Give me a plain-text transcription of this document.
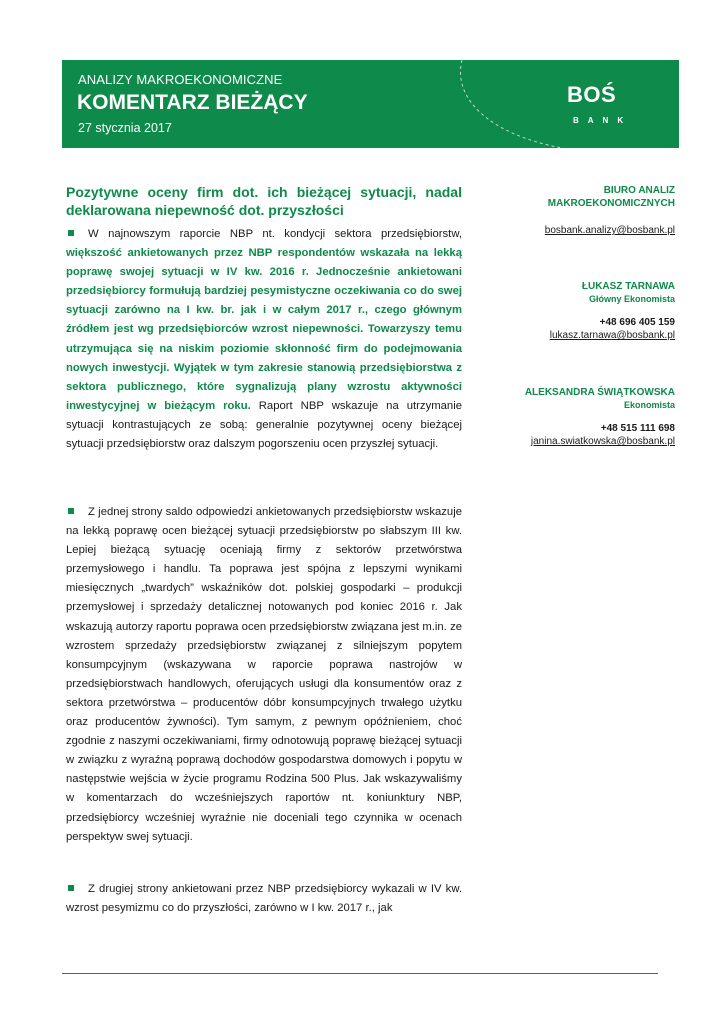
ANALIZY MAKROEKONOMICZNE
KOMENTARZ BIEŻĄCY
27 stycznia 2017
BOŚ
BANK
Pozytywne oceny firm dot. ich bieżącej sytuacji, nadal deklarowana niepewność dot. przyszłości
W najnowszym raporcie NBP nt. kondycji sektora przedsiębiorstw, większość ankietowanych przez NBP respondentów wskazała na lekką poprawę swojej sytuacji w IV kw. 2016 r. Jednocześnie ankietowani przedsiębiorcy formułują bardziej pesymistyczne oczekiwania co do swej sytuacji zarówno na I kw. br. jak i w całym 2017 r., czego głównym źródłem jest wg przedsiębiorców wzrost niepewności. Towarzyszy temu utrzymująca się na niskim poziomie skłonność firm do podejmowania nowych inwestycji. Wyjątek w tym zakresie stanowią przedsiębiorstwa z sektora publicznego, które sygnalizują plany wzrostu aktywności inwestycyjnej w bieżącym roku. Raport NBP wskazuje na utrzymanie sytuacji kontrastujących ze sobą: generalnie pozytywnej oceny bieżącej sytuacji przedsiębiorstw oraz dalszym pogorszeniu ocen przyszłej sytuacji.
Z jednej strony saldo odpowiedzi ankietowanych przedsiębiorstw wskazuje na lekką poprawę ocen bieżącej sytuacji przedsiębiorstw po słabszym III kw. Lepiej bieżącą sytuację oceniają firmy z sektorów przetwórstwa przemysłowego i handlu. Ta poprawa jest spójna z lepszymi wynikami miesięcznych „twardych” wskaźników dot. polskiej gospodarki – produkcji przemysłowej i sprzedaży detalicznej notowanych pod koniec 2016 r. Jak wskazują autorzy raportu poprawa ocen przedsiębiorstw związana jest m.in. ze wzrostem sprzedaży przedsiębiorstw związanej z silniejszym popytem konsumpcyjnym (wskazywana w raporcie poprawa nastrojów w przedsiębiorstwach handlowych, oferujących usługi dla konsumentów oraz z sektora przetwórstwa – producentów dóbr konsumpcyjnych trwałego użytku oraz producentów żywności). Tym samym, z pewnym opóźnieniem, choć zgodnie z naszymi oczekiwaniami, firmy odnotowują poprawę bieżącej sytuacji w związku z wyraźną poprawą dochodów gospodarstwa domowych i popytu w następstwie wejścia w życie programu Rodzina 500 Plus. Jak wskazywaliśmy w komentarzach do wcześniejszych raportów nt. koniunktury NBP, przedsiębiorcy wcześniej wyraźnie nie doceniali tego czynnika w ocenach perspektyw swej sytuacji.
Z drugiej strony ankietowani przez NBP przedsiębiorcy wykazali w IV kw. wzrost pesymizmu co do przyszłości, zarówno w I kw. 2017 r., jak
BIURO ANALIZ
MAKROEKONOMICZNYCH
bosbank.analizy@bosbank.pl
ŁUKASZ TARNAWA
Główny Ekonomista
+48 696 405 159
lukasz.tarnawa@bosbank.pl
ALEKSANDRA ŚWIĄTKOWSKA
Ekonomista
+48 515 111 698
janina.swiatkowska@bosbank.pl
